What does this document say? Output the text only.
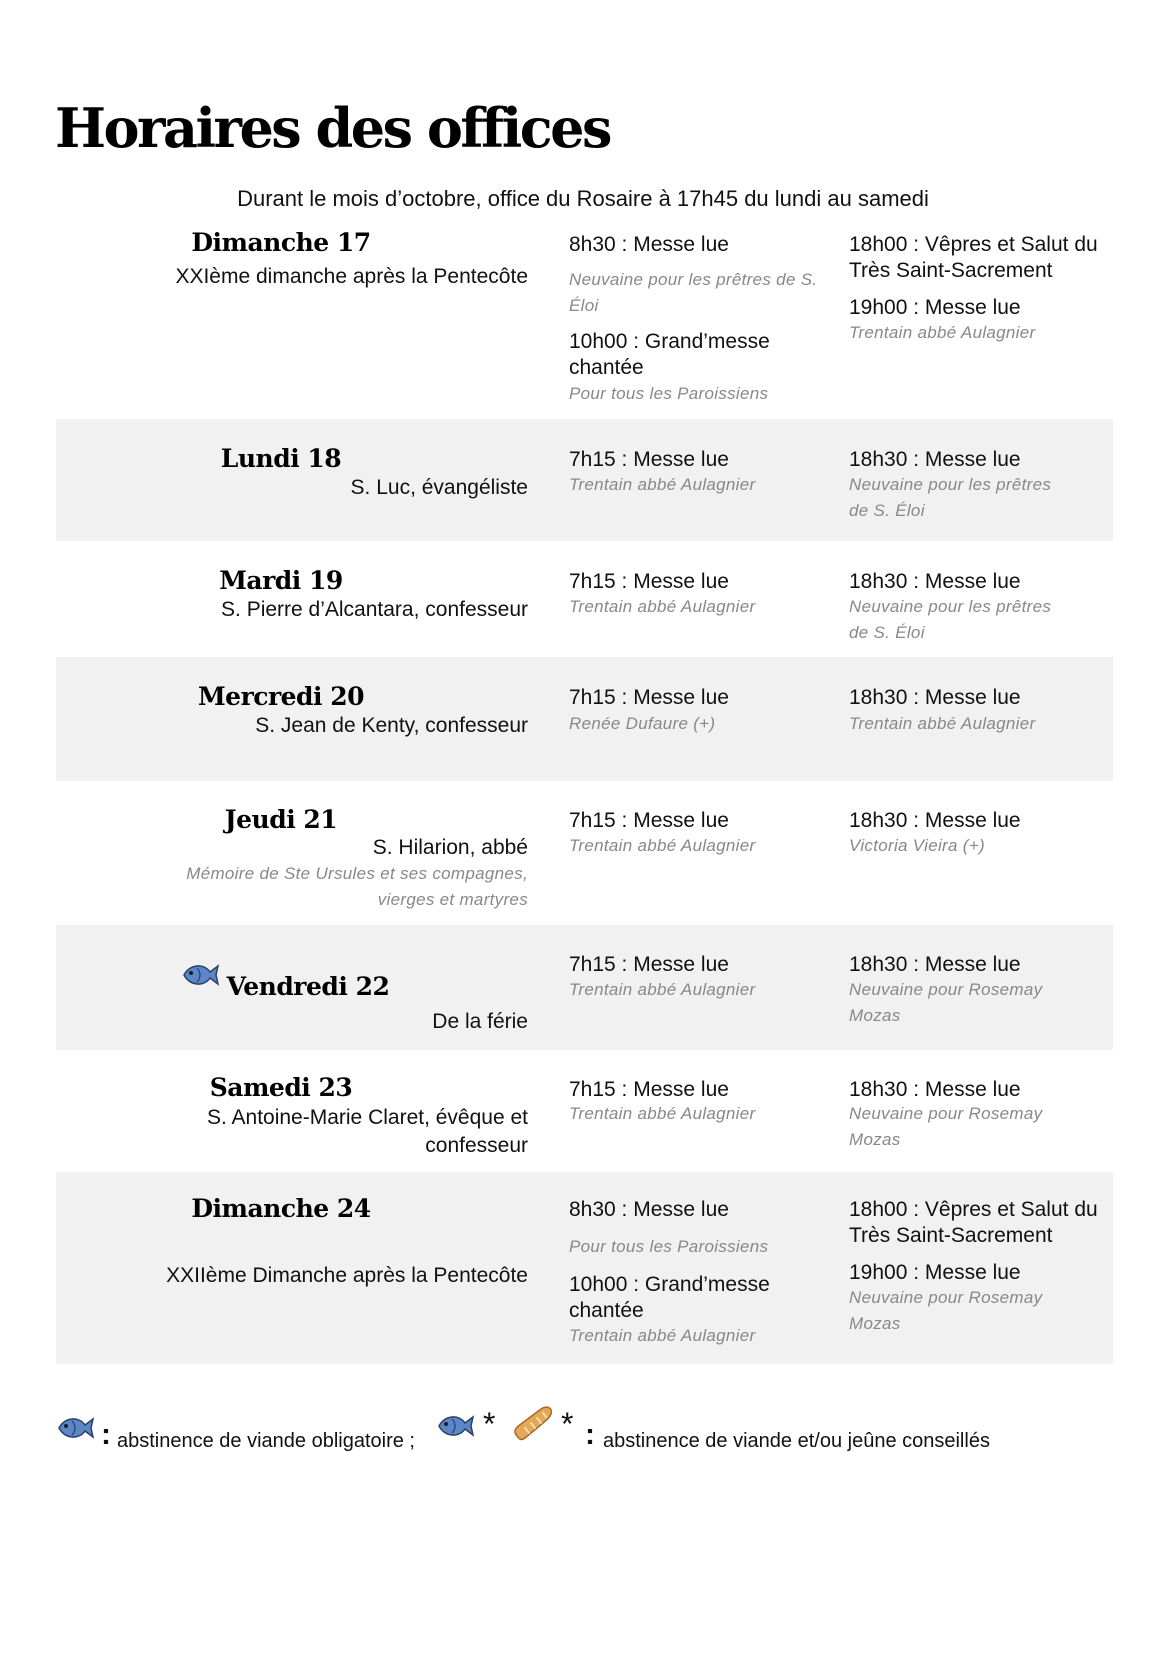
Horaires des offices
Durant le mois d’octobre, office du Rosaire à 17h45 du lundi au samedi
Dimanche 17
XXIème dimanche après la Pentecôte
8h30 : Messe lue
Neuvaine pour les prêtres de S. Éloi
10h00 : Grand’messe chantée
Pour tous les Paroissiens
18h00 : Vêpres et Salut du Très Saint-Sacrement
19h00 : Messe lue
Trentain abbé Aulagnier
Lundi 18
S. Luc, évangéliste
7h15 : Messe lue
Trentain abbé Aulagnier
18h30 : Messe lue
Neuvaine pour les prêtres de S. Éloi
Mardi 19
S. Pierre d’Alcantara, confesseur
7h15 : Messe lue
Trentain abbé Aulagnier
18h30 : Messe lue
Neuvaine pour les prêtres de S. Éloi
Mercredi 20
S. Jean de Kenty, confesseur
7h15 : Messe lue
Renée Dufaure (+)
18h30 : Messe lue
Trentain abbé Aulagnier
Jeudi 21
S. Hilarion, abbé
Mémoire de Ste Ursules et ses compagnes, vierges et martyres
7h15 : Messe lue
Trentain abbé Aulagnier
18h30 : Messe lue
Victoria Vieira (+)
Vendredi 22
De la férie
7h15 : Messe lue
Trentain abbé Aulagnier
18h30 : Messe lue
Neuvaine pour Rosemay Mozas
Samedi 23
S. Antoine-Marie Claret, évêque et confesseur
7h15 : Messe lue
Trentain abbé Aulagnier
18h30 : Messe lue
Neuvaine pour Rosemay Mozas
Dimanche 24
XXIIème Dimanche après la Pentecôte
8h30 : Messe lue
Pour tous les Paroissiens
10h00 : Grand’messe chantée
Trentain abbé Aulagnier
18h00 : Vêpres et Salut du Très Saint-Sacrement
19h00 : Messe lue
Neuvaine pour Rosemay Mozas
: abstinence de viande obligatoire ; * * : abstinence de viande et/ou jeûne conseillés
